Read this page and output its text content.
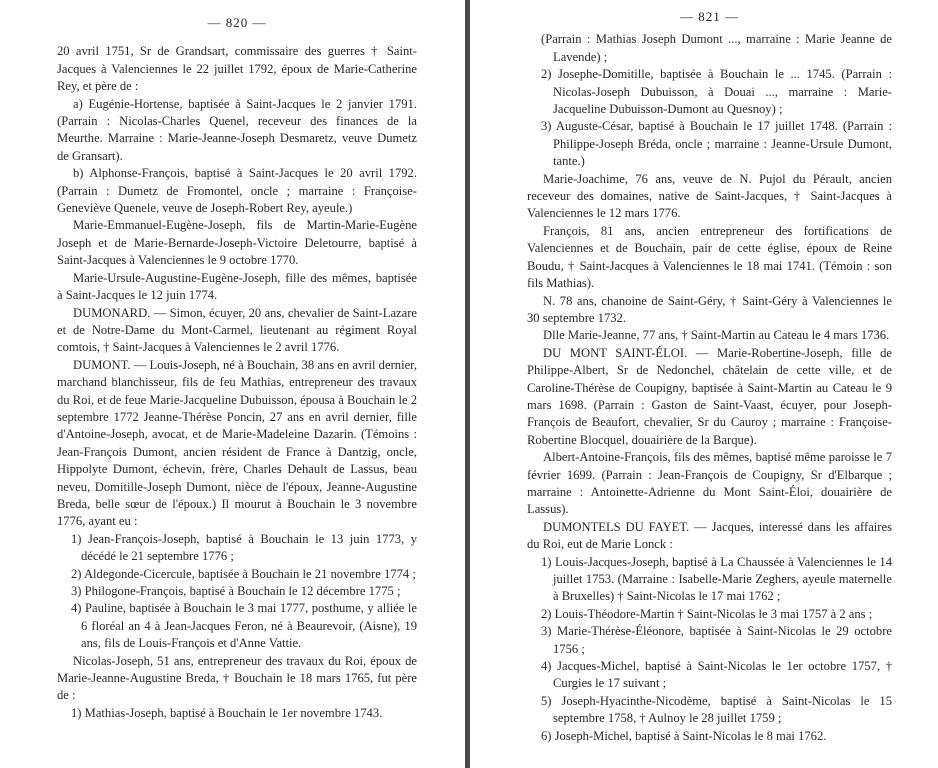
— 820 —

20 avril 1751, Sr de Grandsart, commissaire des guerres † Saint-Jacques à Valenciennes le 22 juillet 1792, époux de Marie-Catherine Rey, et père de :

a) Eugénie-Hortense, baptisée à Saint-Jacques le 2 janvier 1791. (Parrain : Nicolas-Charles Quenel, receveur des finances de la Meurthe. Marraine : Marie-Jeanne-Joseph Desmaretz, veuve Dumetz de Gransart).

b) Alphonse-François, baptisé à Saint-Jacques le 20 avril 1792. (Parrain : Dumetz de Fromontel, oncle ; marraine : Françoise-Geneviève Quenele, veuve de Joseph-Robert Rey, ayeule.)

Marie-Emmanuel-Eugène-Joseph, fils de Martin-Marie-Eugène Joseph et de Marie-Bernarde-Joseph-Victoire Deletourre, baptisé à Saint-Jacques à Valenciennes le 9 octobre 1770.

Marie-Ursule-Augustine-Eugène-Joseph, fille des mêmes, baptisée à Saint-Jacques le 12 juin 1774.

DUMONARD. — Simon, écuyer, 20 ans, chevalier de Saint-Lazare et de Notre-Dame du Mont-Carmel, lieutenant au régiment Royal comtois, † Saint-Jacques à Valenciennes le 2 avril 1776.

DUMONT. — Louis-Joseph, né à Bouchain, 38 ans en avril dernier, marchand blanchisseur, fils de feu Mathias, entrepreneur des travaux du Roi, et de feue Marie-Jacqueline Dubuisson, épousa à Bouchain le 2 septembre 1772 Jeanne-Thérèse Poncin, 27 ans en avril dernier, fille d'Antoine-Joseph, avocat, et de Marie-Madeleine Dazarin. (Témoins : Jean-François Dumont, ancien résident de France à Dantzig, oncle, Hippolyte Dumont, échevin, frère, Charles Dehault de Lassus, beau neveu, Domitille-Joseph Dumont, nièce de l'époux, Jeanne-Augustine Breda, belle sœur de l'époux.) Il mourut à Bouchain le 3 novembre 1776, ayant eu :

1) Jean-François-Joseph, baptisé à Bouchain le 13 juin 1773, y décédé le 21 septembre 1776 ;

2) Aldegonde-Cicercule, baptisée à Bouchain le 21 novembre 1774 ;

3) Philogone-François, baptisé à Bouchain le 12 décembre 1775 ;

4) Pauline, baptisée à Bouchain le 3 mai 1777, posthume, y alliée le 6 floréal an 4 à Jean-Jacques Feron, né à Beaurevoir, (Aisne), 19 ans, fils de Louis-François et d'Anne Vattie.

Nicolas-Joseph, 51 ans, entrepreneur des travaux du Roi, époux de Marie-Jeanne-Augustine Breda, † Bouchain le 18 mars 1765, fut père de :

1) Mathias-Joseph, baptisé à Bouchain le 1er novembre 1743.

— 821 —

(Parrain : Mathias Joseph Dumont ..., marraine : Marie Jeanne de Lavende) ;

2) Josephe-Domitille, baptisée à Bouchain le ... 1745. (Parrain : Nicolas-Joseph Dubuisson, à Douai ..., marraine : Marie-Jacqueline Dubuisson-Dumont au Quesnoy) ;

3) Auguste-César, baptisé à Bouchain le 17 juillet 1748. (Parrain : Philippe-Joseph Bréda, oncle ; marraine : Jeanne-Ursule Dumont, tante.)

Marie-Joachime, 76 ans, veuve de N. Pujol du Pérault, ancien receveur des domaines, native de Saint-Jacques, † Saint-Jacques à Valenciennes le 12 mars 1776.

François, 81 ans, ancien entrepreneur des fortifications de Valenciennes et de Bouchain, pair de cette église, époux de Reine Boudu, † Saint-Jacques à Valenciennes le 18 mai 1741. (Témoin : son fils Mathias).

N. 78 ans, chanoine de Saint-Géry, † Saint-Géry à Valenciennes le 30 septembre 1732.

Dlle Marie-Jeanne, 77 ans, † Saint-Martin au Cateau le 4 mars 1736.

DU MONT SAINT-ÉLOI. — Marie-Robertine-Joseph, fille de Philippe-Albert, Sr de Nedonchel, châtelain de cette ville, et de Caroline-Thérèse de Coupigny, baptisée à Saint-Martin au Cateau le 9 mars 1698. (Parrain : Gaston de Saint-Vaast, écuyer, pour Joseph-François de Beaufort, chevalier, Sr du Cauroy ; marraine : Françoise-Robertine Blocquel, douairière de la Barque).

Albert-Antoine-François, fils des mêmes, baptisé même paroisse le 7 février 1699. (Parrain : Jean-François de Coupigny, Sr d'Elbarque ; marraine : Antoinette-Adrienne du Mont Saint-Éloi, douairière de Lassus).

DUMONTELS DU FAYET. — Jacques, interessé dans les affaires du Roi, eut de Marie Lonck :

1) Louis-Jacques-Joseph, baptisé à La Chaussée à Valenciennes le 14 juillet 1753. (Marraine : Isabelle-Marie Zeghers, ayeule maternelle à Bruxelles) † Saint-Nicolas le 17 mai 1762 ;

2) Louis-Théodore-Martin † Saint-Nicolas le 3 mai 1757 à 2 ans ;

3) Marie-Thérèse-Éléonore, baptisée à Saint-Nicolas le 29 octobre 1756 ;

4) Jacques-Michel, baptisé à Saint-Nicolas le 1er octobre 1757, † Curgies le 17 suivant ;

5) Joseph-Hyacinthe-Nicodème, baptisé à Saint-Nicolas le 15 septembre 1758, † Aulnoy le 28 juillet 1759 ;

6) Joseph-Michel, baptisé à Saint-Nicolas le 8 mai 1762.
